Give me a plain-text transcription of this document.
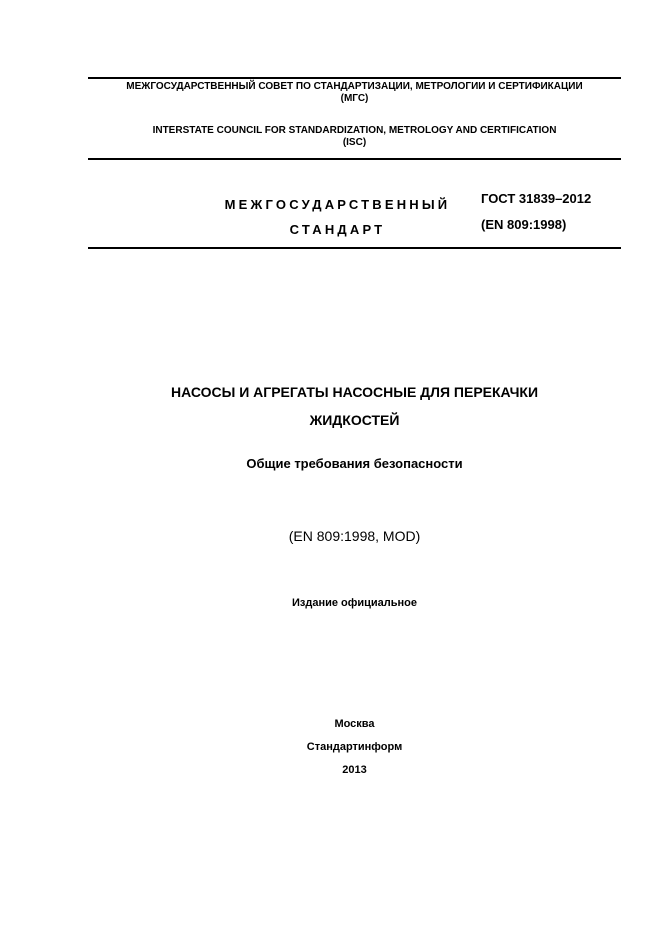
МЕЖГОСУДАРСТВЕННЫЙ СОВЕТ ПО СТАНДАРТИЗАЦИИ, МЕТРОЛОГИИ И СЕРТИФИКАЦИИ
(МГС)
INTERSTATE COUNCIL FOR STANDARDIZATION, METROLOGY AND CERTIFICATION
(ISC)
МЕЖГОСУДАРСТВЕННЫЙ
СТАНДАРТ
ГОСТ 31839–2012
(EN 809:1998)
НАСОСЫ И АГРЕГАТЫ НАСОСНЫЕ ДЛЯ ПЕРЕКАЧКИ
ЖИДКОСТЕЙ
Общие требования безопасности
(EN 809:1998, MOD)
Издание официальное
Москва
Стандартинформ
2013
